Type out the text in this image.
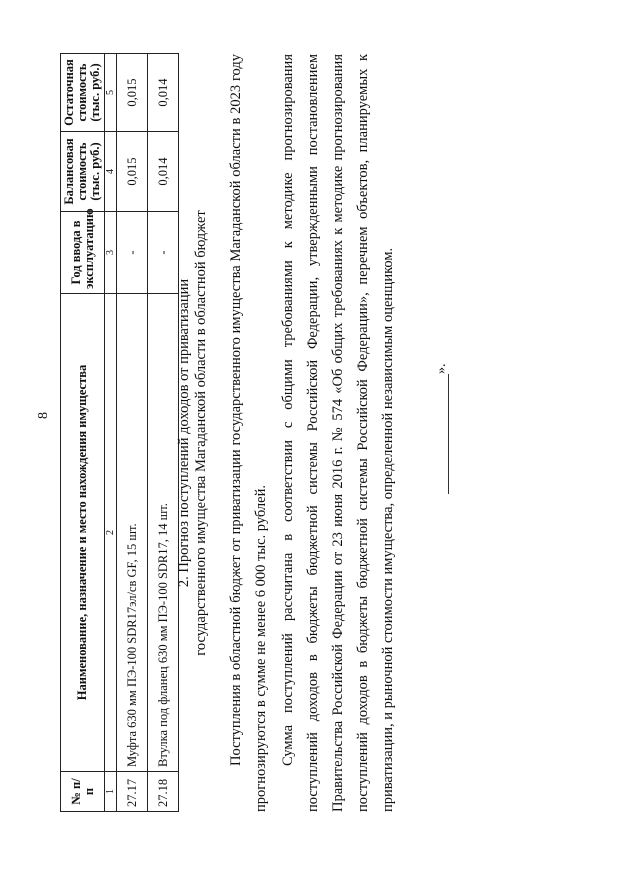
8
№ п/п	Наименование, назначение и место нахождения имущества	Год ввода в эксплуатацию	Балансовая стоимость (тыс. руб.)	Остаточная стоимость (тыс. руб.)
1	2	3	4	5
27.17	Муфта 630 мм ПЭ-100 SDR17эл/св GF, 15 шт.	-	0,015	0,015
27.18	Втулка под фланец 630 мм ПЭ-100 SDR17, 14 шт.	-	0,014	0,014
2. Прогноз поступлений доходов от приватизации государственного имущества Магаданской области в областной бюджет Поступления в областной бюджет от приватизации государственного имущества Магаданской области в 2023 году прогнозируются в сумме не менее 6 000 тыс. рублей. Сумма поступлений рассчитана в соответствии с общими требованиями к методике прогнозирования поступлений доходов в бюджеты бюджетной системы Российской Федерации, утвержденными постановлением Правительства Российской Федерации от 23 июня 2016 г. № 574 «Об общих требованиях к методике прогнозирования поступлений доходов в бюджеты бюджетной системы Российской Федерации», перечнем объектов, планируемых к приватизации, и рыночной стоимости имущества, определенной независимым оценщиком.	».
